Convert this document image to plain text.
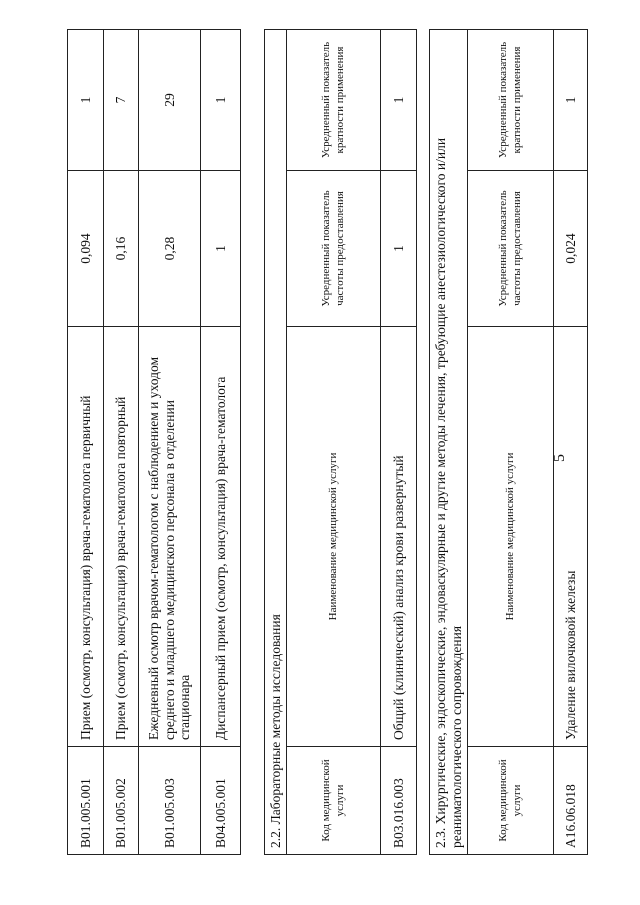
5
B01.005.001	Прием (осмотр, консультация) врача-гематолога первичный	0,094	1
B01.005.002	Прием (осмотр, консультация) врача-гематолога повторный	0,16	7
B01.005.003	Ежедневный осмотр врачом-гематологом с наблюдением и уходом среднего и младшего медицинского персонала в отделении стационара	0,28	29
B04.005.001	Диспансерный прием (осмотр, консультация) врача-гематолога	1	1
2.2. Лабораторные методы исследования			
Код медицинской услуги	Наименование медицинской услуги	Усредненный показатель частоты предоставления	Усредненный показатель кратности применения
B03.016.003	Общий (клинический) анализ крови развернутый	1	1
2.3. Хирургические, эндоскопические, эндоваскулярные и другие методы лечения, требующие анестезиологического и/или реаниматологического сопровождения			
Код медицинской услуги	Наименование медицинской услуги	Усредненный показатель частоты предоставления	Усредненный показатель кратности применения
A16.06.018	Удаление вилочковой железы	0,024	1
